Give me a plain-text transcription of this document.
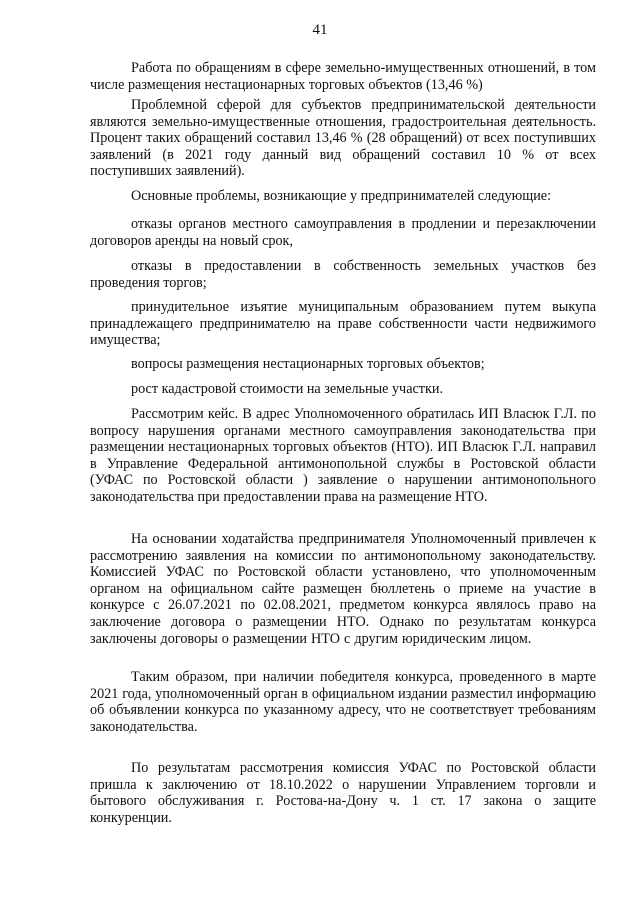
41

Работа по обращениям в сфере земельно-имущественных отношений, в том числе размещения нестационарных торговых объектов (13,46 %)

Проблемной сферой для субъектов предпринимательской деятельности являются земельно-имущественные отношения, градостроительная деятельность. Процент таких обращений составил 13,46 % (28 обращений) от всех поступивших заявлений (в 2021 году данный вид обращений составил 10 % от всех поступивших заявлений).

Основные проблемы, возникающие у предпринимателей следующие:

отказы органов местного самоуправления в продлении и перезаключении договоров аренды на новый срок,

отказы в предоставлении в собственность земельных участков без проведения торгов;

принудительное изъятие муниципальным образованием путем выкупа принадлежащего предпринимателю на праве собственности части недвижимого имущества;

вопросы размещения нестационарных торговых объектов;

рост кадастровой стоимости на земельные участки.

Рассмотрим кейс. В адрес Уполномоченного обратилась ИП Власюк Г.Л. по вопросу нарушения органами местного самоуправления законодательства при размещении нестационарных торговых объектов (НТО). ИП Власюк Г.Л. направил в Управление Федеральной антимонопольной службы в Ростовской области (УФАС по Ростовской области ) заявление о нарушении антимонопольного законодательства при предоставлении права на размещение НТО.

На основании ходатайства предпринимателя Уполномоченный привлечен к рассмотрению заявления на комиссии по антимонопольному законодательству. Комиссией УФАС по Ростовской области установлено, что уполномоченным органом на официальном сайте размещен бюллетень о приеме на участие в конкурсе с 26.07.2021 по 02.08.2021, предметом конкурса являлось право на заключение договора о размещении НТО. Однако по результатам конкурса заключены договоры о размещении НТО с другим юридическим лицом.

Таким образом, при наличии победителя конкурса, проведенного в марте 2021 года, уполномоченный орган в официальном издании разместил информацию об объявлении конкурса по указанному адресу, что не соответствует требованиям законодательства.

По результатам рассмотрения комиссия УФАС по Ростовской области пришла к заключению от 18.10.2022 о нарушении Управлением торговли и бытового обслуживания г. Ростова-на-Дону ч. 1 ст. 17 закона о защите конкуренции.
